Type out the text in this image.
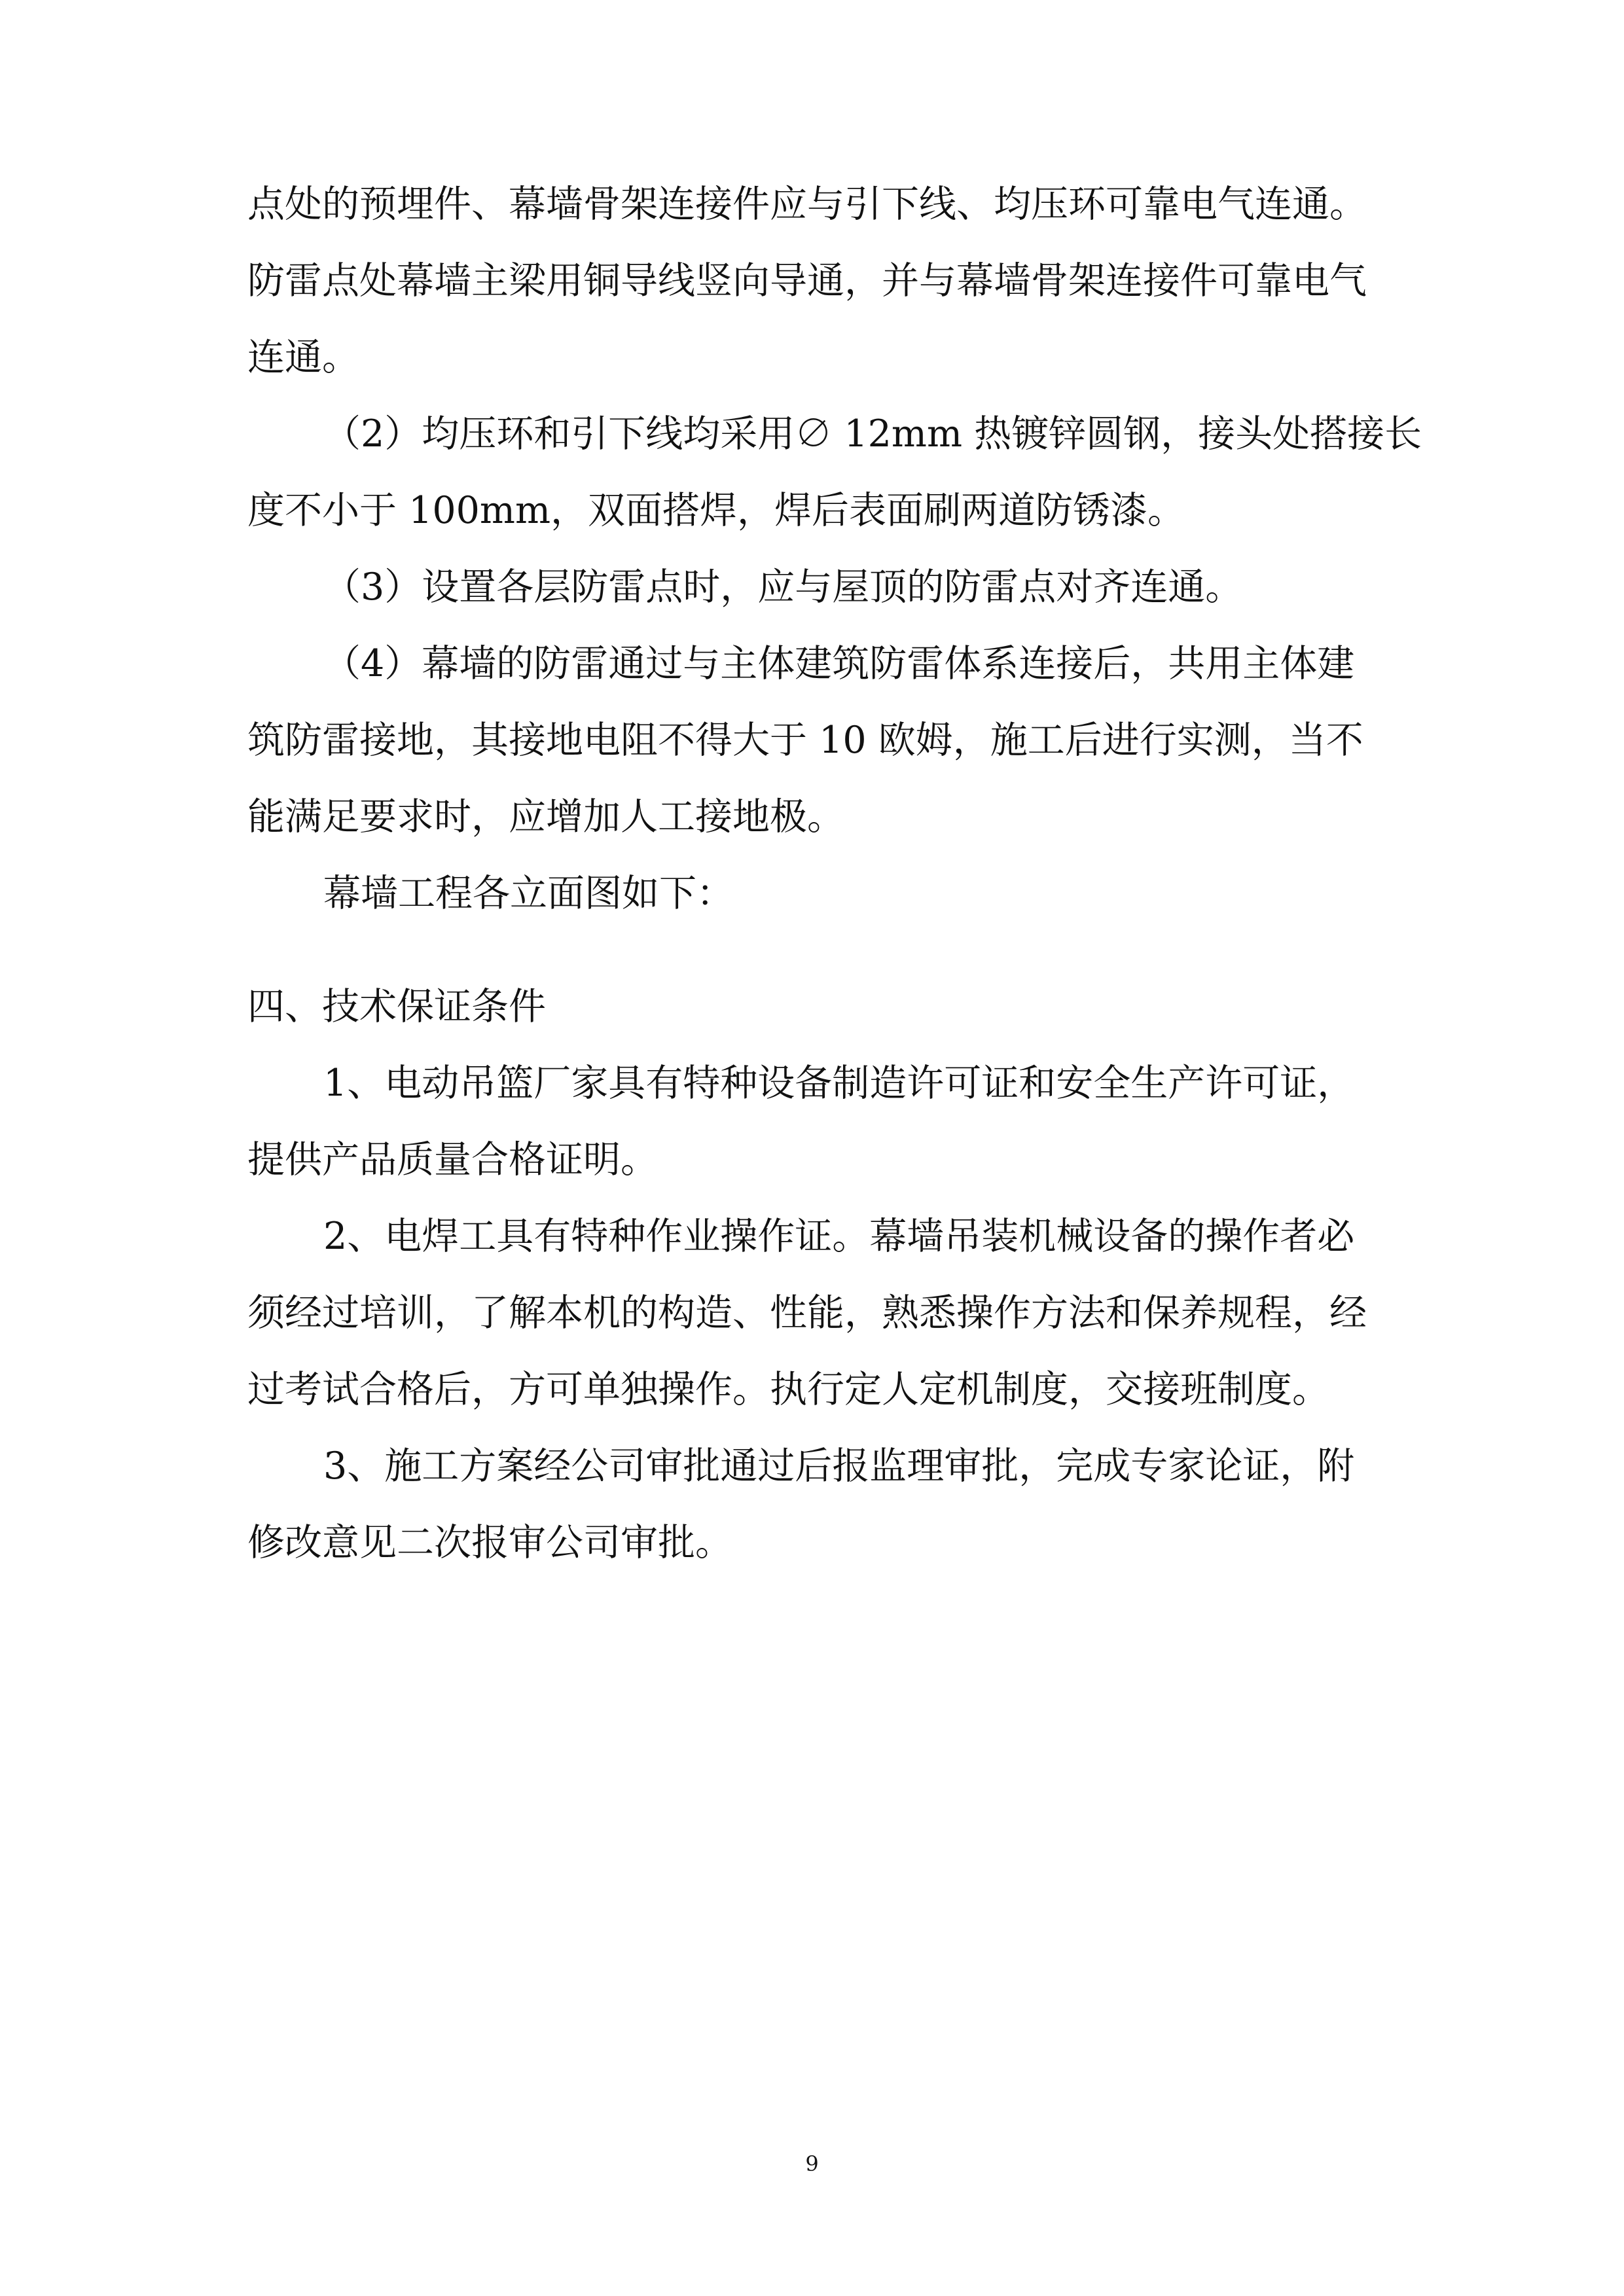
点处的预埋件、幕墙骨架连接件应与引下线、均压环可靠电气连通。
防雷点处幕墙主梁用铜导线竖向导通，并与幕墙骨架连接件可靠电气
连通。
（2）均压环和引下线均采用∅ 12mm 热镀锌圆钢，接头处搭接长
度不小于 100mm，双面搭焊，焊后表面刷两道防锈漆。
（3）设置各层防雷点时，应与屋顶的防雷点对齐连通。
（4）幕墙的防雷通过与主体建筑防雷体系连接后，共用主体建
筑防雷接地，其接地电阻不得大于 10 欧姆，施工后进行实测，当不
能满足要求时，应增加人工接地极。
幕墙工程各立面图如下：
四、技术保证条件
1、电动吊篮厂家具有特种设备制造许可证和安全生产许可证，
提供产品质量合格证明。
2、电焊工具有特种作业操作证。幕墙吊装机械设备的操作者必
须经过培训，了解本机的构造、性能，熟悉操作方法和保养规程，经
过考试合格后，方可单独操作。执行定人定机制度，交接班制度。
3、施工方案经公司审批通过后报监理审批，完成专家论证，附
修改意见二次报审公司审批。
9
